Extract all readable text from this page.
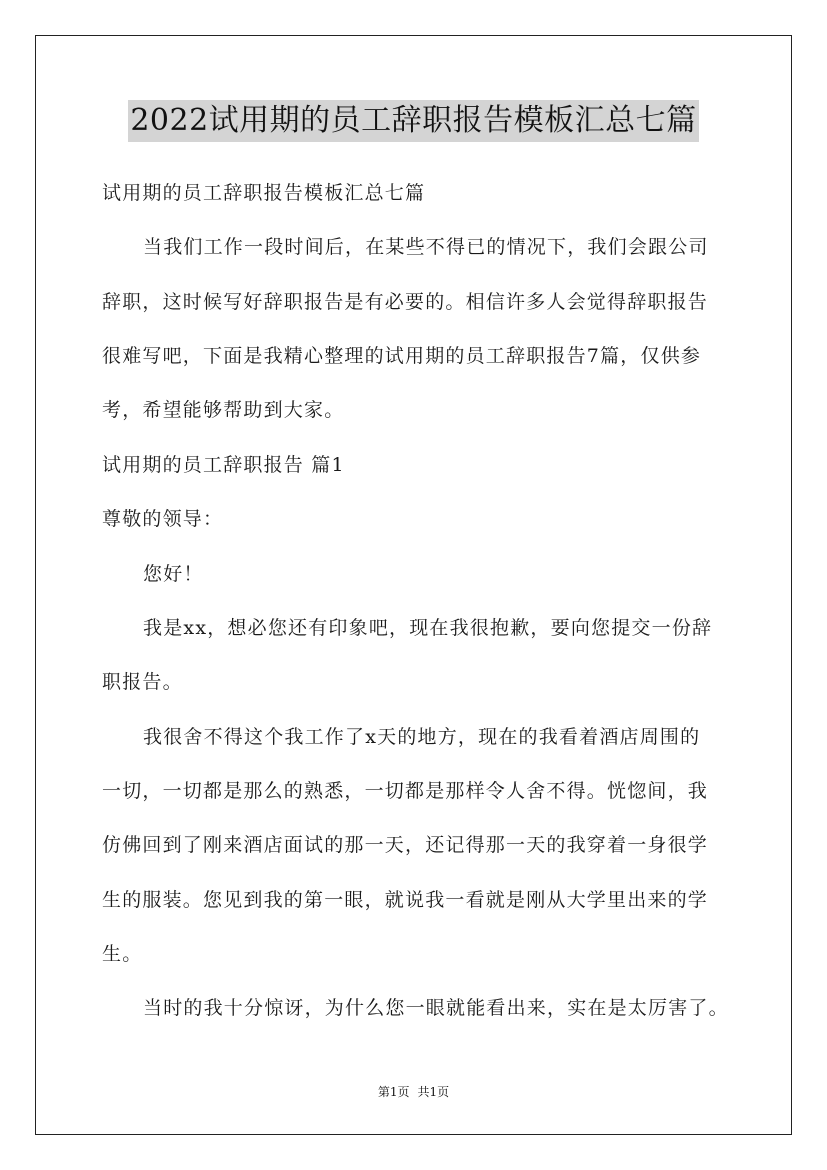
2022试用期的员工辞职报告模板汇总七篇
试用期的员工辞职报告模板汇总七篇
当我们工作一段时间后，在某些不得已的情况下，我们会跟公司
辞职，这时候写好辞职报告是有必要的。相信许多人会觉得辞职报告
很难写吧，下面是我精心整理的试用期的员工辞职报告7篇，仅供参
考，希望能够帮助到大家。
试用期的员工辞职报告 篇1
尊敬的领导：
您好！
我是xx，想必您还有印象吧，现在我很抱歉，要向您提交一份辞
职报告。
我很舍不得这个我工作了x天的地方，现在的我看着酒店周围的
一切，一切都是那么的熟悉，一切都是那样令人舍不得。恍惚间，我
仿佛回到了刚来酒店面试的那一天，还记得那一天的我穿着一身很学
生的服装。您见到我的第一眼，就说我一看就是刚从大学里出来的学
生。
当时的我十分惊讶，为什么您一眼就能看出来，实在是太厉害了。
第1页 共1页
